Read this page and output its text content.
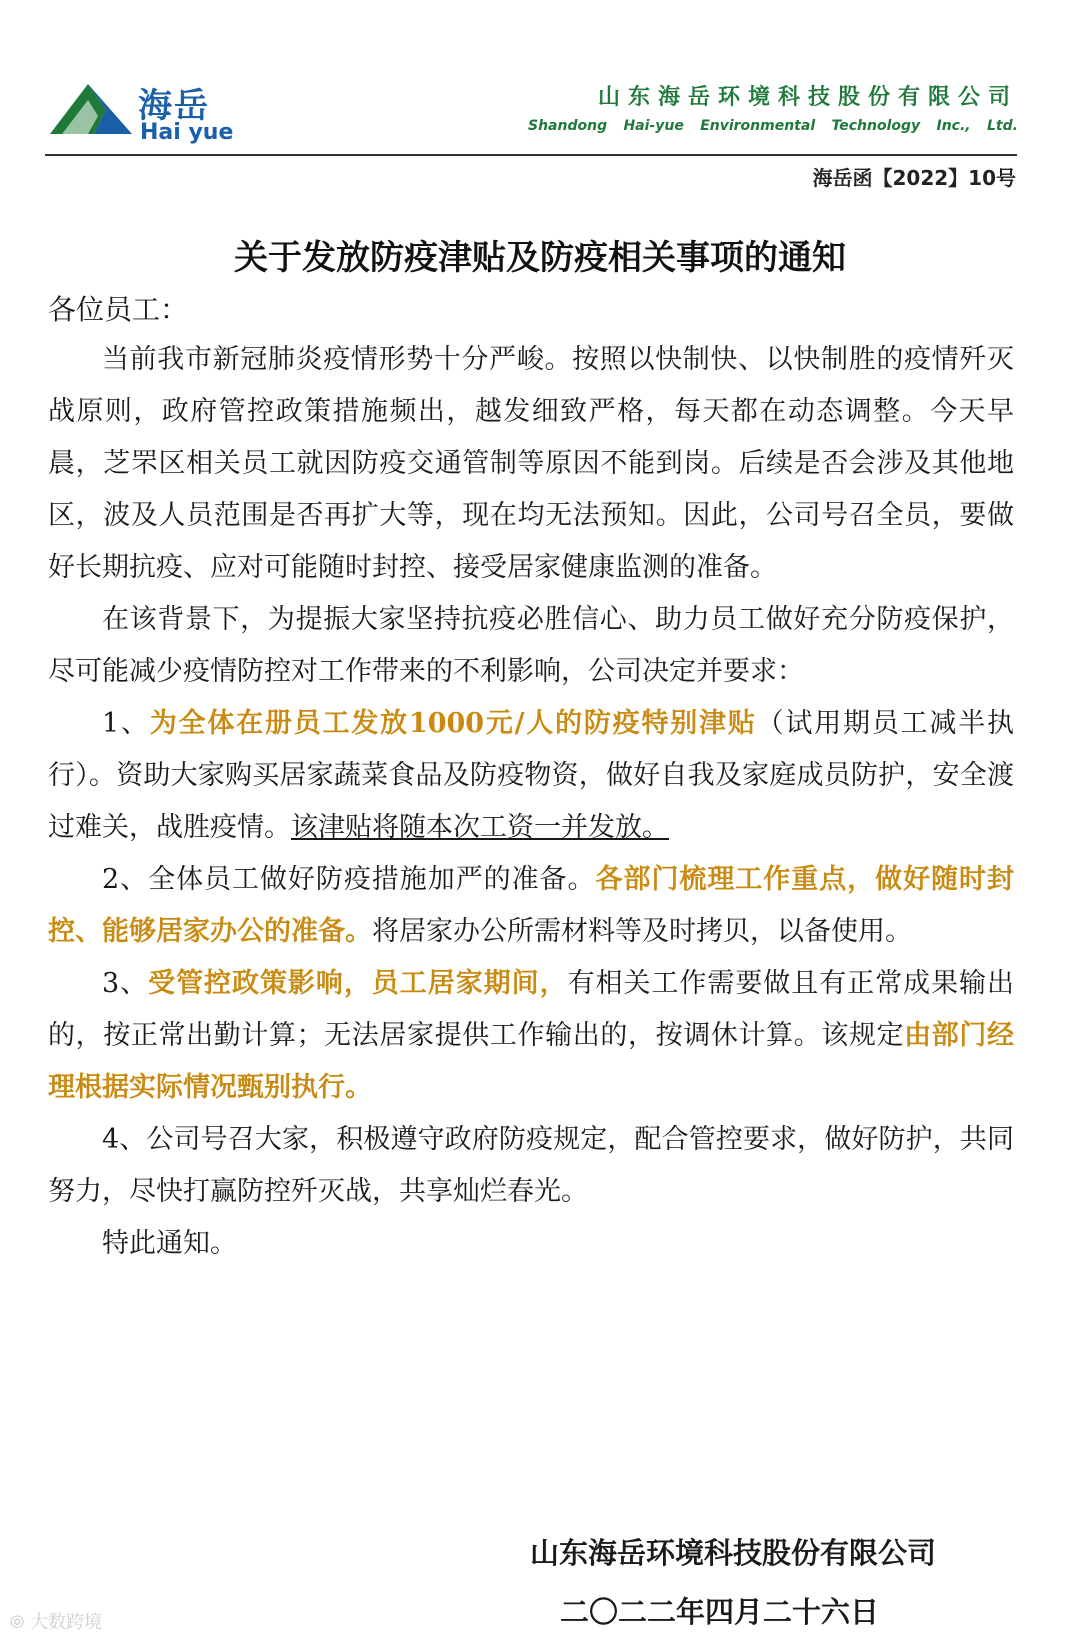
海岳
Hai yue
山东海岳环境科技股份有限公司
Shandong Hai-yue Environmental Technology Inc., Ltd.
海岳函【2022】10号
关于发放防疫津贴及防疫相关事项的通知
各位员工：

当前我市新冠肺炎疫情形势十分严峻。按照以快制快、以快制胜的疫情歼灭战原则，政府管控政策措施频出，越发细致严格，每天都在动态调整。今天早晨，芝罘区相关员工就因防疫交通管制等原因不能到岗。后续是否会涉及其他地区，波及人员范围是否再扩大等，现在均无法预知。因此，公司号召全员，要做好长期抗疫、应对可能随时封控、接受居家健康监测的准备。

在该背景下，为提振大家坚持抗疫必胜信心、助力员工做好充分防疫保护，尽可能减少疫情防控对工作带来的不利影响，公司决定并要求：

1、为全体在册员工发放1000元/人的防疫特别津贴（试用期员工减半执行）。资助大家购买居家蔬菜食品及防疫物资，做好自我及家庭成员防护，安全渡过难关，战胜疫情。该津贴将随本次工资一并发放。

2、全体员工做好防疫措施加严的准备。各部门梳理工作重点，做好随时封控、能够居家办公的准备。将居家办公所需材料等及时拷贝，以备使用。

3、受管控政策影响，员工居家期间，有相关工作需要做且有正常成果输出的，按正常出勤计算；无法居家提供工作输出的，按调休计算。该规定由部门经理根据实际情况甄别执行。

4、公司号召大家，积极遵守政府防疫规定，配合管控要求，做好防护，共同努力，尽快打赢防控歼灭战，共享灿烂春光。

特此通知。

山东海岳环境科技股份有限公司
二〇二二年四月二十六日
⦾ 大数跨境
